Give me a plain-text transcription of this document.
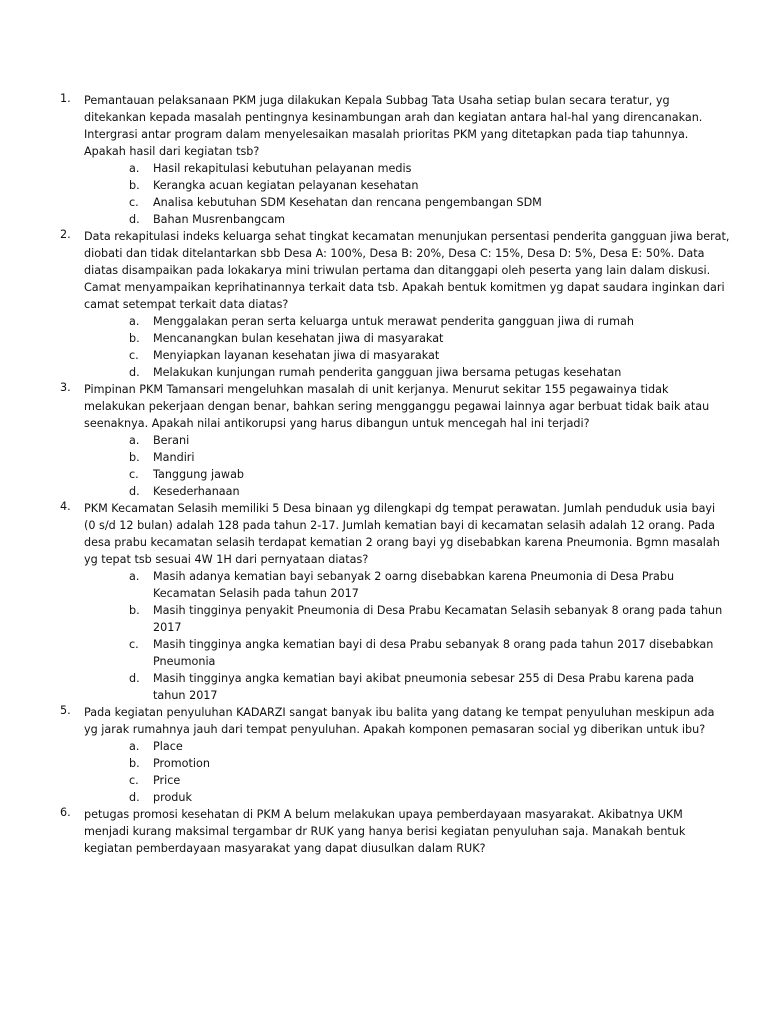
1. Pemantauan pelaksanaan PKM juga dilakukan Kepala Subbag Tata Usaha setiap bulan secara teratur, yg ditekankan kepada masalah pentingnya kesinambungan arah dan kegiatan antara hal-hal yang direncanakan. Intergrasi antar program dalam menyelesaikan masalah prioritas PKM yang ditetapkan pada tiap tahunnya. Apakah hasil dari kegiatan tsb?
a. Hasil rekapitulasi kebutuhan pelayanan medis
b. Kerangka acuan kegiatan pelayanan kesehatan
c. Analisa kebutuhan SDM Kesehatan dan rencana pengembangan SDM
d. Bahan Musrenbangcam
2. Data rekapitulasi indeks keluarga sehat tingkat kecamatan menunjukan persentasi penderita gangguan jiwa berat, diobati dan tidak ditelantarkan sbb Desa A: 100%, Desa B: 20%, Desa C: 15%, Desa D: 5%, Desa E: 50%. Data diatas disampaikan pada lokakarya mini triwulan pertama dan ditanggapi oleh peserta yang lain dalam diskusi. Camat menyampaikan keprihatinannya terkait data tsb. Apakah bentuk komitmen yg dapat saudara inginkan dari camat setempat terkait data diatas?
a. Menggalakan peran serta keluarga untuk merawat penderita gangguan jiwa di rumah
b. Mencanangkan bulan kesehatan jiwa di masyarakat
c. Menyiapkan layanan kesehatan jiwa di masyarakat
d. Melakukan kunjungan rumah penderita gangguan jiwa bersama petugas kesehatan
3. Pimpinan PKM Tamansari mengeluhkan masalah di unit kerjanya. Menurut sekitar 155 pegawainya tidak melakukan pekerjaan dengan benar, bahkan sering mengganggu pegawai lainnya agar berbuat tidak baik atau seenaknya. Apakah nilai antikorupsi yang harus dibangun untuk mencegah hal ini terjadi?
a. Berani
b. Mandiri
c. Tanggung jawab
d. Kesederhanaan
4. PKM Kecamatan Selasih memiliki 5 Desa binaan yg dilengkapi dg tempat perawatan. Jumlah penduduk usia bayi (0 s/d 12 bulan) adalah 128 pada tahun 2-17. Jumlah kematian bayi di kecamatan selasih adalah 12 orang. Pada desa prabu kecamatan selasih terdapat kematian 2 orang bayi yg disebabkan karena Pneumonia. Bgmn masalah yg tepat tsb sesuai 4W 1H dari pernyataan diatas?
a. Masih adanya kematian bayi sebanyak 2 oarng disebabkan karena Pneumonia di Desa Prabu Kecamatan Selasih pada tahun 2017
b. Masih tingginya penyakit Pneumonia di Desa Prabu Kecamatan Selasih sebanyak 8 orang pada tahun 2017
c. Masih tingginya angka kematian bayi di desa Prabu sebanyak 8 orang pada tahun 2017 disebabkan Pneumonia
d. Masih tingginya angka kematian bayi akibat pneumonia sebesar 255 di Desa Prabu karena pada tahun 2017
5. Pada kegiatan penyuluhan KADARZI sangat banyak ibu balita yang datang ke tempat penyuluhan meskipun ada yg jarak rumahnya jauh dari tempat penyuluhan. Apakah komponen pemasaran social yg diberikan untuk ibu?
a. Place
b. Promotion
c. Price
d. produk
6. petugas promosi kesehatan di PKM A belum melakukan upaya pemberdayaan masyarakat. Akibatnya UKM menjadi kurang maksimal tergambar dr RUK yang hanya berisi kegiatan penyuluhan saja. Manakah bentuk kegiatan pemberdayaan masyarakat yang dapat diusulkan dalam RUK?
